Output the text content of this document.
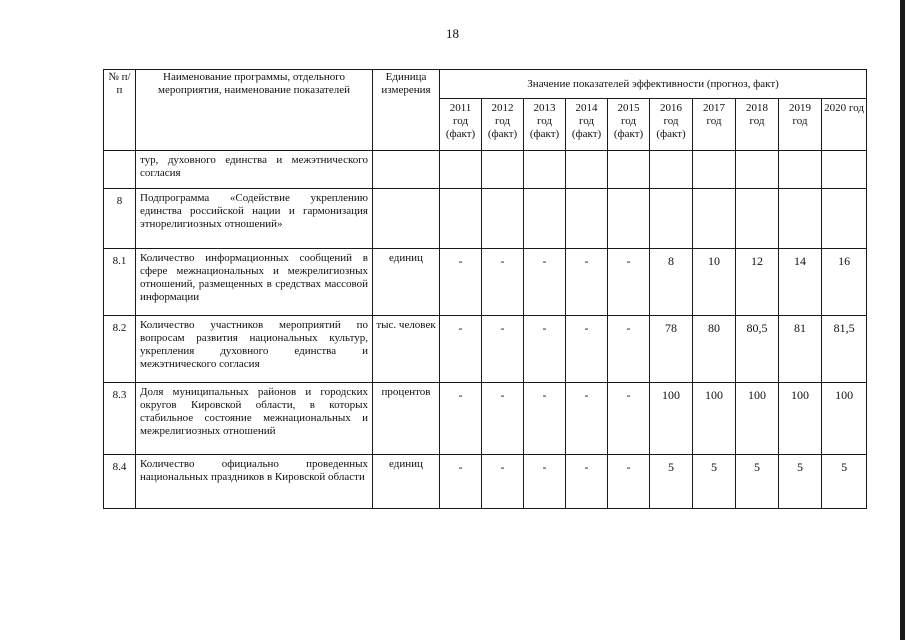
18
№ п/п	Наименование программы, отдельного мероприятия, наименование показателей	Единица измерения	Значение показателей эффективности (прогноз, факт)									
			2011 год (факт)	2012 год (факт)	2013 год (факт)	2014 год (факт)	2015 год (факт)	2016 год (факт)	2017 год	2018 год	2019 год	2020 год
	тур, духовного единства и межэтнического согласия											
8	Подпрограмма «Содействие укреплению единства российской нации и гармонизация этнорелигиозных отношений»											
8.1	Количество информационных сообщений в сфере межнациональных и межрелигиозных отношений, размещенных в средствах массовой информации	единиц	-	-	-	-	-	8	10	12	14	16
8.2	Количество участников мероприятий по вопросам развития национальных культур, укрепления духовного единства и межэтнического согласия	тыс. человек	-	-	-	-	-	78	80	80,5	81	81,5
8.3	Доля муниципальных районов и городских округов Кировской области, в которых стабильное состояние межнациональных и межрелигиозных отношений	процентов	-	-	-	-	-	100	100	100	100	100
8.4	Количество официально проведенных национальных праздников в Кировской области	единиц	-	-	-	-	-	5	5	5	5	5
